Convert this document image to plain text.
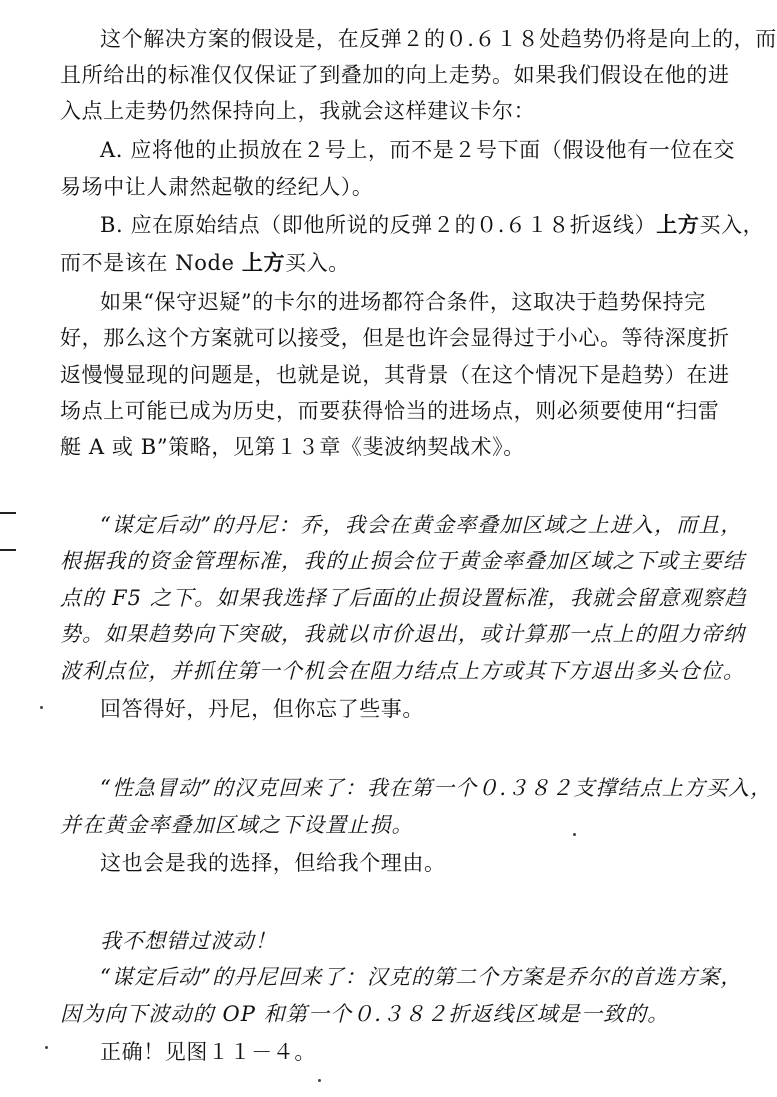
这个解决方案的假设是，在反弹２的０.６１８处趋势仍将是向上的，而
且所给出的标准仅仅保证了到叠加的向上走势。如果我们假设在他的进
入点上走势仍然保持向上，我就会这样建议卡尔：
A. 应将他的止损放在２号上，而不是２号下面（假设他有一位在交
易场中让人肃然起敬的经纪人）。
B. 应在原始结点（即他所说的反弹２的０.６１８折返线）上方买入，
而不是该在 Node 上方买入。
如果“保守迟疑”的卡尔的进场都符合条件，这取决于趋势保持完
好，那么这个方案就可以接受，但是也许会显得过于小心。等待深度折
返慢慢显现的问题是，也就是说，其背景（在这个情况下是趋势）在进
场点上可能已成为历史，而要获得恰当的进场点，则必须要使用“扫雷
艇 A 或 B”策略，见第１３章《斐波纳契战术》。
“谋定后动”的丹尼：乔，我会在黄金率叠加区域之上进入，而且，
根据我的资金管理标准，我的止损会位于黄金率叠加区域之下或主要结
点的 F5 之下。如果我选择了后面的止损设置标准，我就会留意观察趋
势。如果趋势向下突破，我就以市价退出，或计算那一点上的阻力帝纳
波利点位，并抓住第一个机会在阻力结点上方或其下方退出多头仓位。
回答得好，丹尼，但你忘了些事。
“性急冒动”的汉克回来了：我在第一个０.３８２支撑结点上方买入，
并在黄金率叠加区域之下设置止损。
这也会是我的选择，但给我个理由。
我不想错过波动！
“谋定后动”的丹尼回来了：汉克的第二个方案是乔尔的首选方案，
因为向下波动的 OP 和第一个０.３８２折返线区域是一致的。
正确！见图１１－４。
